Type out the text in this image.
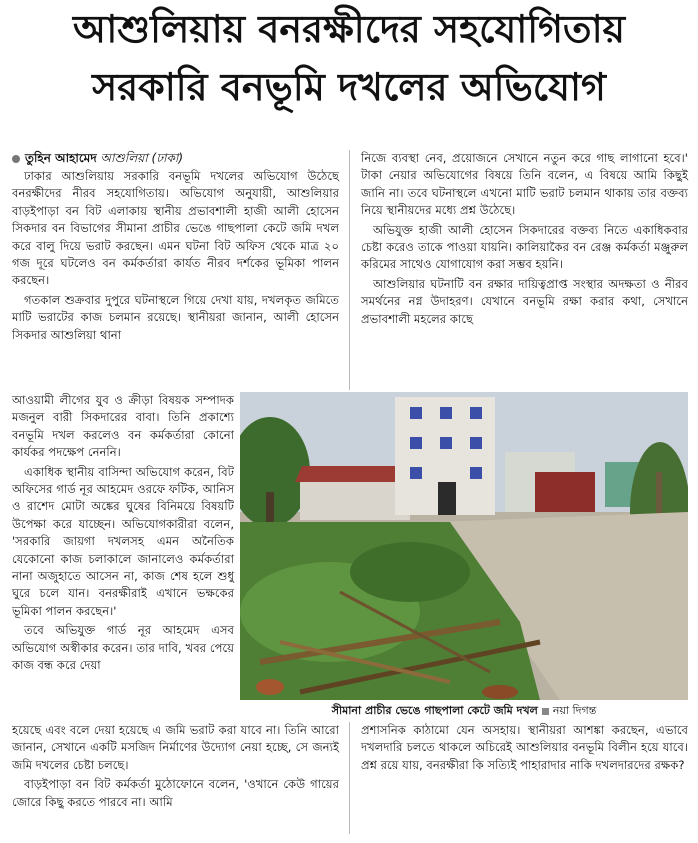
আশুলিয়ায় বনরক্ষীদের সহযোগিতায়
সরকারি বনভূমি দখলের অভিযোগ
তুহিন আহামেদ আশুলিয়া (ঢাকা)

ঢাকার আশুলিয়ায় সরকারি বনভূমি দখলের অভিযোগ উঠেছে বনরক্ষীদের নীরব সহযোগিতায়। অভিযোগ অনুযায়ী, আশুলিয়ার বাড়ইপাড়া বন বিট এলাকায় স্থানীয় প্রভাবশালী হাজী আলী হোসেন সিকদার বন বিভাগের সীমানা প্রাচীর ভেঙে গাছপালা কেটে জমি দখল করে বালু দিয়ে ভরাট করছেন। এমন ঘটনা বিট অফিস থেকে মাত্র ২০ গজ দূরে ঘটলেও বন কর্মকর্তারা কার্যত নীরব দর্শকের ভূমিকা পালন করছেন।

গতকাল শুক্রবার দুপুরে ঘটনাস্থলে গিয়ে দেখা যায়, দখলকৃত জমিতে মাটি ভরাটের কাজ চলমান রয়েছে। স্থানীয়রা জানান, আলী হোসেন সিকদার আশুলিয়া থানা

নিজে ব্যবস্থা নেব, প্রয়োজনে সেখানে নতুন করে গাছ লাগানো হবে।' টাকা নেয়ার অভিযোগের বিষয়ে তিনি বলেন, এ বিষয়ে আমি কিছুই জানি না। তবে ঘটনাস্থলে এখনো মাটি ভরাট চলমান থাকায় তার বক্তব্য নিয়ে স্থানীয়দের মধ্যে প্রশ্ন উঠেছে।

অভিযুক্ত হাজী আলী হোসেন সিকদারের বক্তব্য নিতে একাধিকবার চেষ্টা করেও তাকে পাওয়া যায়নি। কালিয়াকৈর বন রেঞ্জ কর্মকর্তা মঞ্জুরুল করিমের সাথেও যোগাযোগ করা সম্ভব হয়নি।

আশুলিয়ার ঘটনাটি বন রক্ষার দায়িত্বপ্রাপ্ত সংস্থার অদক্ষতা ও নীরব সমর্থনের নগ্ন উদাহরণ। যেখানে বনভূমি রক্ষা করার কথা, সেখানে প্রভাবশালী মহলের কাছে

আওয়ামী লীগের যুব ও ক্রীড়া বিষয়ক সম্পাদক মজনুল বারী সিকদারের বাবা। তিনি প্রকাশ্যে বনভূমি দখল করলেও বন কর্মকর্তারা কোনো কার্যকর পদক্ষেপ নেননি।

একাধিক স্থানীয় বাসিন্দা অভিযোগ করেন, বিট অফিসের গার্ড নূর আহমেদ ওরফে ফটিক, আনিস ও রাশেদ মোটা অঙ্কের ঘুষের বিনিময়ে বিষয়টি উপেক্ষা করে যাচ্ছেন। অভিযোগকারীরা বলেন, 'সরকারি জায়গা দখলসহ এমন অনৈতিক যেকোনো কাজ চলাকালে জানালেও কর্মকর্তারা নানা অজুহাতে আসেন না, কাজ শেষ হলে শুধু ঘুরে চলে যান। বনরক্ষীরাই এখানে ভক্ষকের ভূমিকা পালন করছেন।'

তবে অভিযুক্ত গার্ড নূর আহমেদ এসব অভিযোগ অস্বীকার করেন। তার দাবি, খবর পেয়ে কাজ বন্ধ করে দেয়া

সীমানা প্রাচীর ভেঙে গাছপালা কেটে জমি দখল নয়া দিগন্ত

হয়েছে এবং বলে দেয়া হয়েছে এ জমি ভরাট করা যাবে না। তিনি আরো জানান, সেখানে একটি মসজিদ নির্মাণের উদ্যোগ নেয়া হচ্ছে, সে জন্যই জমি দখলের চেষ্টা চলছে।

বাড়ইপাড়া বন বিট কর্মকর্তা মুঠোফোনে বলেন, 'ওখানে কেউ গায়ের জোরে কিছু করতে পারবে না। আমি

প্রশাসনিক কাঠামো যেন অসহায়। স্থানীয়রা আশঙ্কা করছেন, এভাবে দখলদারি চলতে থাকলে অচিরেই আশুলিয়ার বনভূমি বিলীন হয়ে যাবে। প্রশ্ন রয়ে যায়, বনরক্ষীরা কি সত্যিই পাহারাদার নাকি দখলদারদের রক্ষক?
